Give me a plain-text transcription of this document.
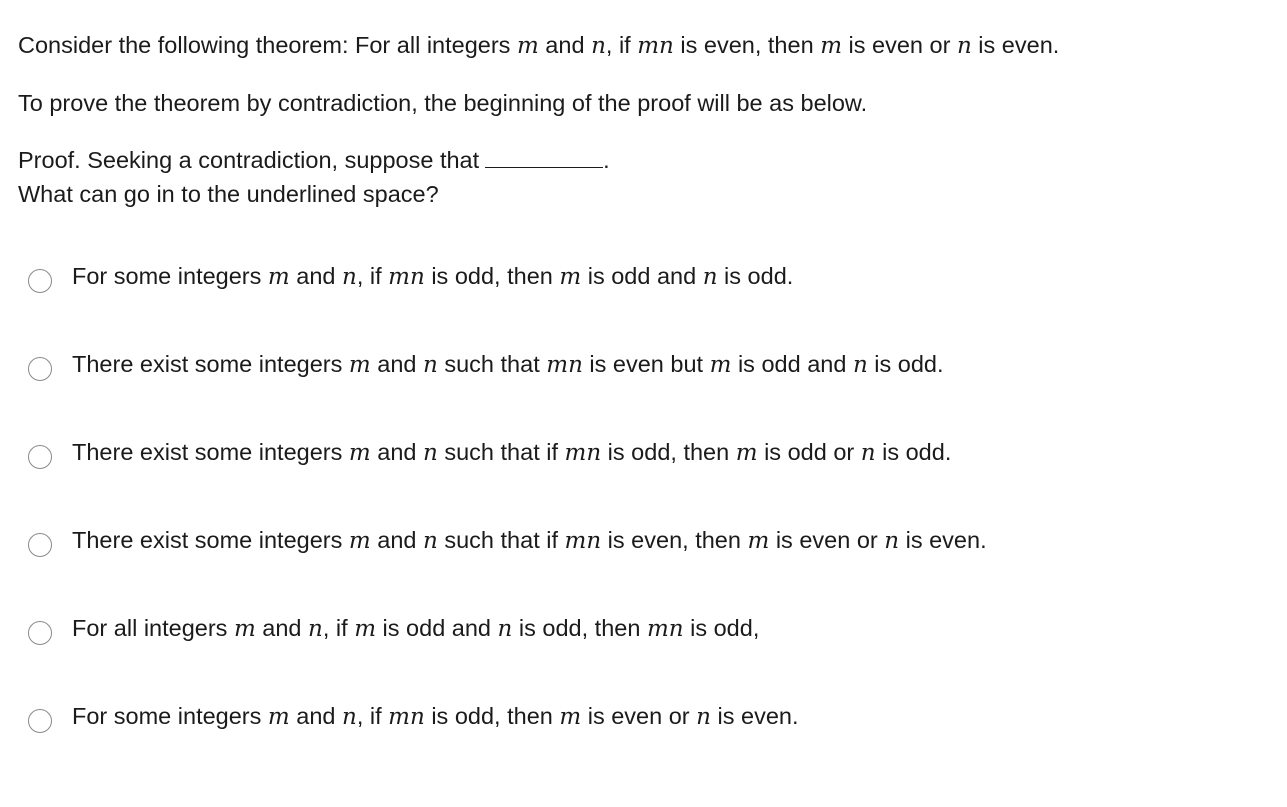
Consider the following theorem: For all integers m and n, if mn is even, then m is even or n is even.

To prove the theorem by contradiction, the beginning of the proof will be as below.

Proof. Seeking a contradiction, suppose that	.
What can go in to the underlined space?
For some integers m and n, if mn is odd, then m is odd and n is odd.
There exist some integers m and n such that mn is even but m is odd and n is odd.
There exist some integers m and n such that if mn is odd, then m is odd or n is odd.
There exist some integers m and n such that if mn is even, then m is even or n is even.
For all integers m and n, if m is odd and n is odd, then mn is odd,
For some integers m and n, if mn is odd, then m is even or n is even.
